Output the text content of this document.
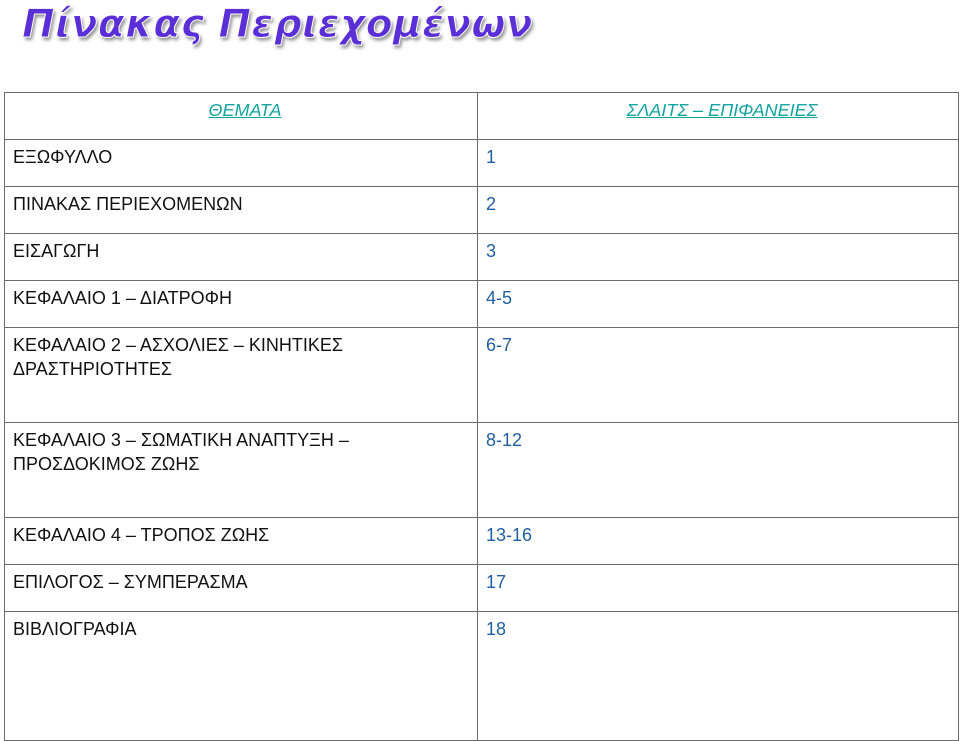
Πίνακας Περιεχομένων
ΘΕΜΑΤΑ	ΣΛΑΙΤΣ – ΕΠΙΦΑΝΕΙΕΣ
ΕΞΩΦΥΛΛΟ	1
ΠΙΝΑΚΑΣ ΠΕΡΙΕΧΟΜΕΝΩΝ	2
ΕΙΣΑΓΩΓΗ	3
ΚΕΦΑΛΑΙΟ 1 – ΔΙΑΤΡΟΦΗ	4-5
ΚΕΦΑΛΑΙΟ 2 – ΑΣΧΟΛΙΕΣ – ΚΙΝΗΤΙΚΕΣ ΔΡΑΣΤΗΡΙΟΤΗΤΕΣ	6-7
ΚΕΦΑΛΑΙΟ 3 – ΣΩΜΑΤΙΚΗ ΑΝΑΠΤΥΞΗ – ΠΡΟΣΔΟΚΙΜΟΣ ΖΩΗΣ	8-12
ΚΕΦΑΛΑΙΟ 4 – ΤΡΟΠΟΣ ΖΩΗΣ	13-16
ΕΠΙΛΟΓΟΣ – ΣΥΜΠΕΡΑΣΜΑ	17
ΒΙΒΛΙΟΓΡΑΦΙΑ	18
